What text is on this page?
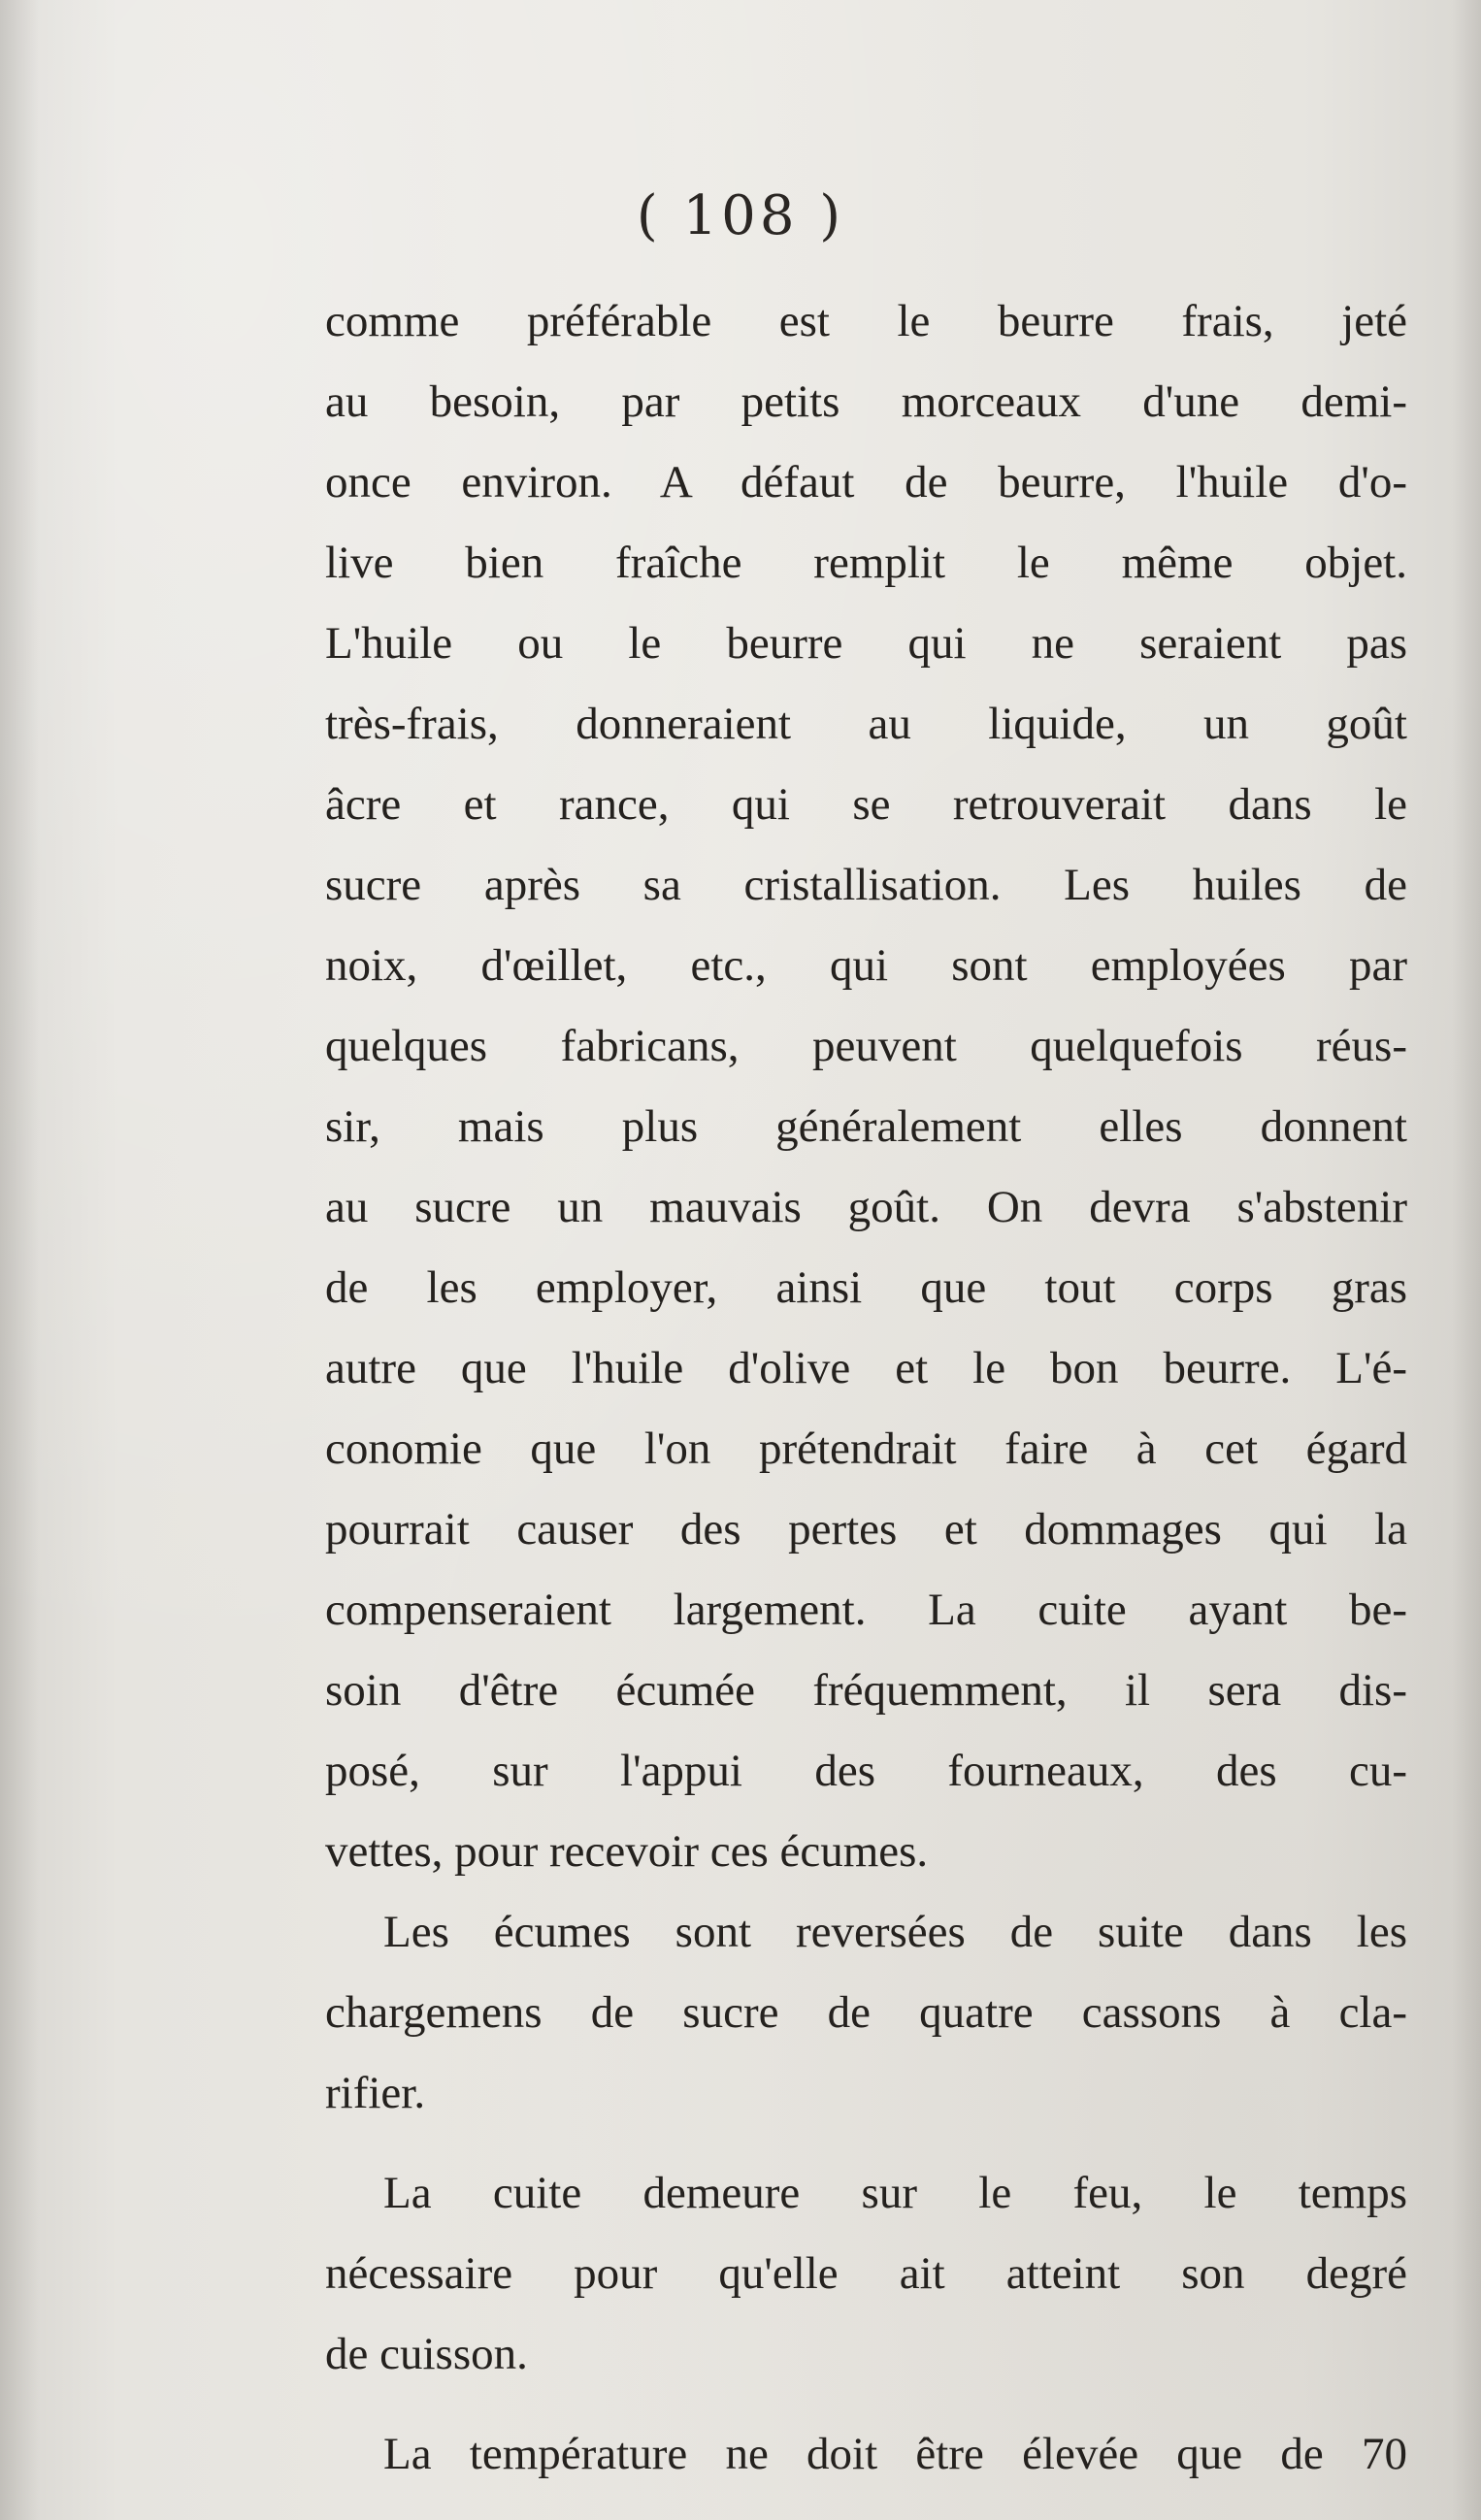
( 108 )
comme préférable est le beurre frais, jeté
au besoin, par petits morceaux d'une demi-
once environ. A défaut de beurre, l'huile d'o-
live bien fraîche remplit le même objet.
L'huile ou le beurre qui ne seraient pas
très-frais, donneraient au liquide, un goût
âcre et rance, qui se retrouverait dans le
sucre après sa cristallisation. Les huiles de
noix, d'œillet, etc., qui sont employées par
quelques fabricans, peuvent quelquefois réus-
sir, mais plus généralement elles donnent
au sucre un mauvais goût. On devra s'abstenir
de les employer, ainsi que tout corps gras
autre que l'huile d'olive et le bon beurre. L'é-
conomie que l'on prétendrait faire à cet égard
pourrait causer des pertes et dommages qui la
compenseraient largement. La cuite ayant be-
soin d'être écumée fréquemment, il sera dis-
posé, sur l'appui des fourneaux, des cu-
vettes, pour recevoir ces écumes.
Les écumes sont reversées de suite dans les
chargemens de sucre de quatre cassons à cla-
rifier.
La cuite demeure sur le feu, le temps
nécessaire pour qu'elle ait atteint son degré
de cuisson.
La température ne doit être élevée que de 70
